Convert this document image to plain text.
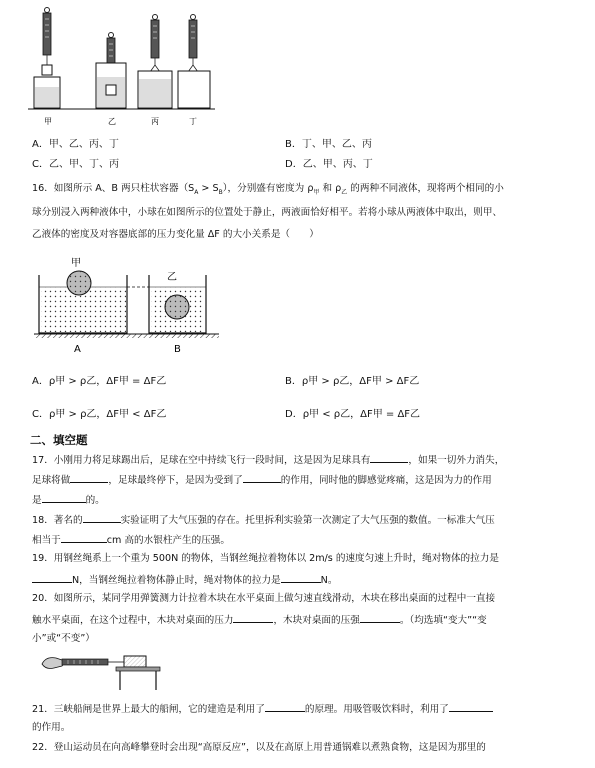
甲	乙	丙	丁
A．甲、乙、丙、丁	B．丁、甲、乙、丙
C．乙、甲、丁、丙	D．乙、甲、丙、丁
16．如图所示 A、B 两只柱状容器$(S_A > S_B)$，分别盛有密度为 $\rho_甲$ 和 $\rho_乙$ 的两种不同液体，现将两个相同的小
球分别浸入两种液体中，小球在如图所示的位置处于静止，两液面恰好相平。若将小球从两液体中取出，则甲、
乙液体的密度及对容器底部的压力变化量 ΔF 的大小关系是（　　）
甲
乙
A	B
A．ρ甲 > ρ乙，ΔF甲 = ΔF乙	B．ρ甲 > ρ乙，ΔF甲 > ΔF乙
C．ρ甲 > ρ乙，ΔF甲 < ΔF乙	D．ρ甲 < ρ乙，ΔF甲 = ΔF乙
二、填空题
17．小刚用力将足球踢出后，足球在空中持续飞行一段时间，这是因为足球具有	，如果一切外力消失，
足球将做	，足球最终停下，是因为受到了	的作用，同时他的脚感觉疼痛，这是因为力的作用
是	的。
18．著名的	实验证明了大气压强的存在。托里拆利实验第一次测定了大气压强的数值。一标准大气压
相当于	cm 高的水银柱产生的压强。
19．用钢丝绳系上一个重为 500N 的物体，当钢丝绳拉着物体以 2m/s 的速度匀速上升时，绳对物体的拉力是
N，当钢丝绳拉着物体静止时，绳对物体的拉力是	N。
20．如图所示，某同学用弹簧测力计拉着木块在水平桌面上做匀速直线滑动，木块在移出桌面的过程中一直接
触水平桌面，在这个过程中，木块对桌面的压力	，木块对桌面的压强	。（均选填“变大”“变
小”或“不变”）
21．三峡船闸是世界上最大的船闸，它的建造是利用了	的原理。用吸管吸饮料时，利用了
的作用。
22．登山运动员在向高峰攀登时会出现“高原反应”，以及在高原上用普通锅难以煮熟食物，这是因为那里的
